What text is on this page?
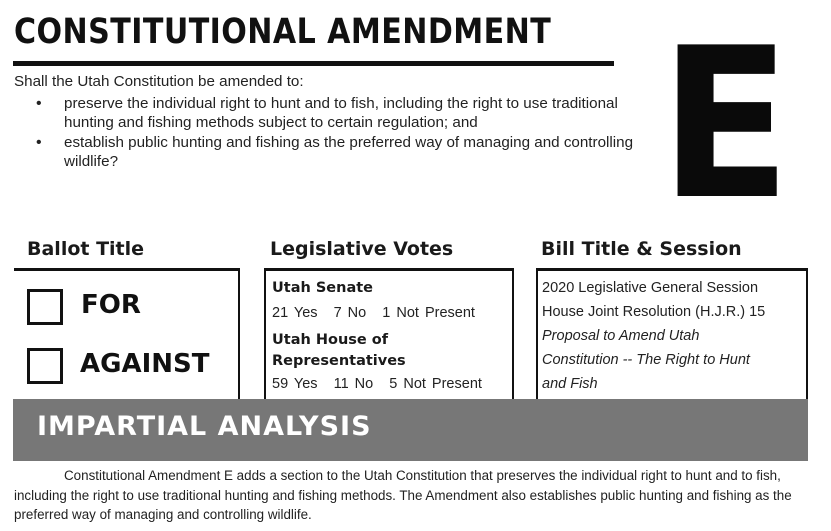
CONSTITUTIONAL AMENDMENT
Shall the Utah Constitution be amended to:
• preserve the individual right to hunt and to fish, including the right to use traditional hunting and fishing methods subject to certain regulation; and
• establish public hunting and fishing as the preferred way of managing and controlling wildlife?	E
Ballot Title	Legislative Votes	Bill Title & Session
FOR
AGAINST
Utah Senate
21 Yes 7 No 1 Not Present
Utah House of Representatives
59 Yes 11 No 5 Not Present
2020 Legislative General Session
House Joint Resolution (H.J.R.) 15
Proposal to Amend Utah
Constitution -- The Right to Hunt
and Fish
IMPARTIAL ANALYSIS
Constitutional Amendment E adds a section to the Utah Constitution that preserves the individual right to hunt and to fish, including the right to use traditional hunting and fishing methods. The Amendment also establishes public hunting and fishing as the preferred way of managing and controlling wildlife.
